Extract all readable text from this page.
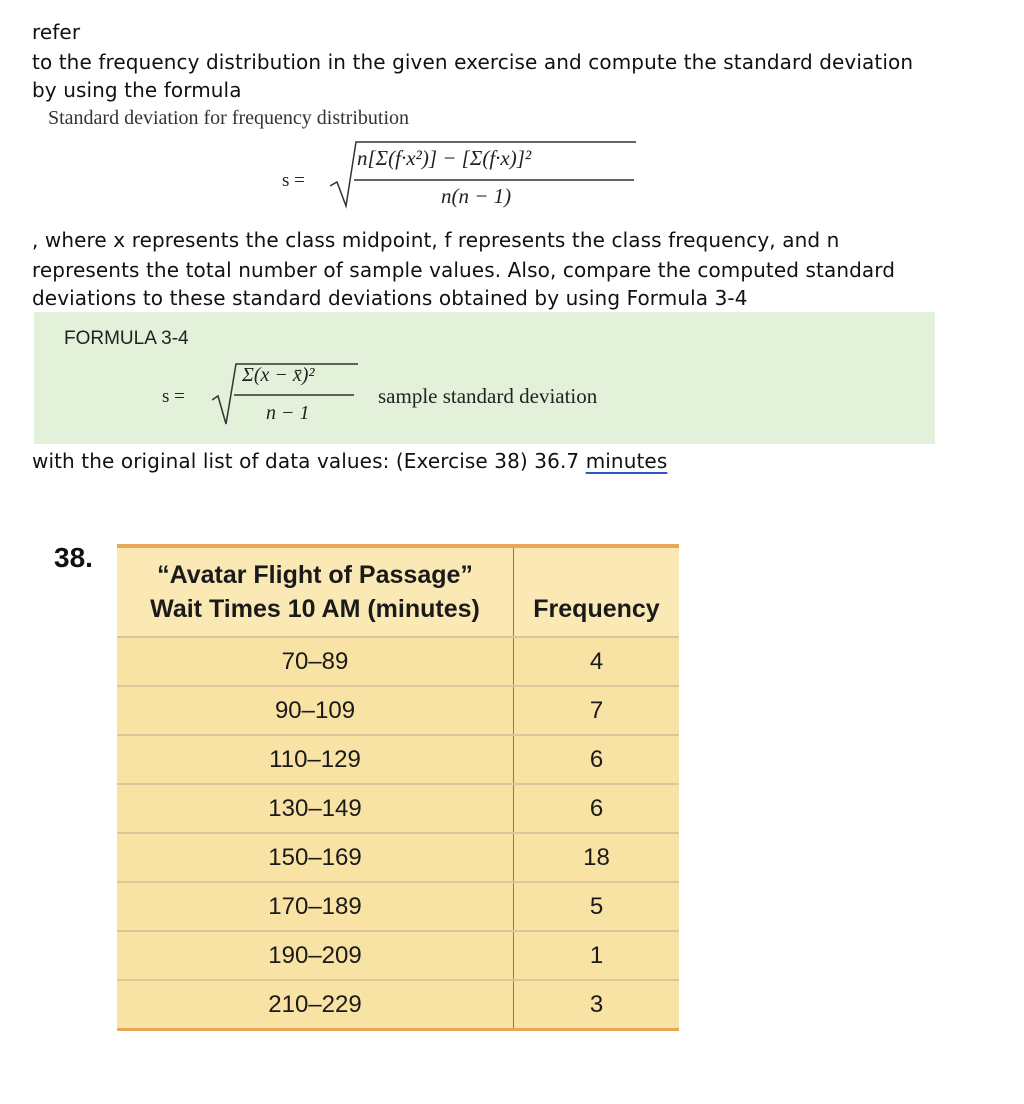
refer
to the frequency distribution in the given exercise and compute the standard deviation
by using the formula
Standard deviation for frequency distribution
s =
n[Σ(f·x²)] − [Σ(f·x)]²
n(n − 1)
, where x represents the class midpoint, f represents the class frequency, and n
represents the total number of sample values. Also, compare the computed standard
deviations to these standard deviations obtained by using Formula 3-4
FORMULA 3-4
s =
Σ(x − x̄)²
n − 1
sample standard deviation
with the original list of data values: (Exercise 38) 36.7 minutes
38.
“Avatar Flight of Passage”
Wait Times 10 AM (minutes)	Frequency
70–89	4
90–109	7
110–129	6
130–149	6
150–169	18
170–189	5
190–209	1
210–229	3
